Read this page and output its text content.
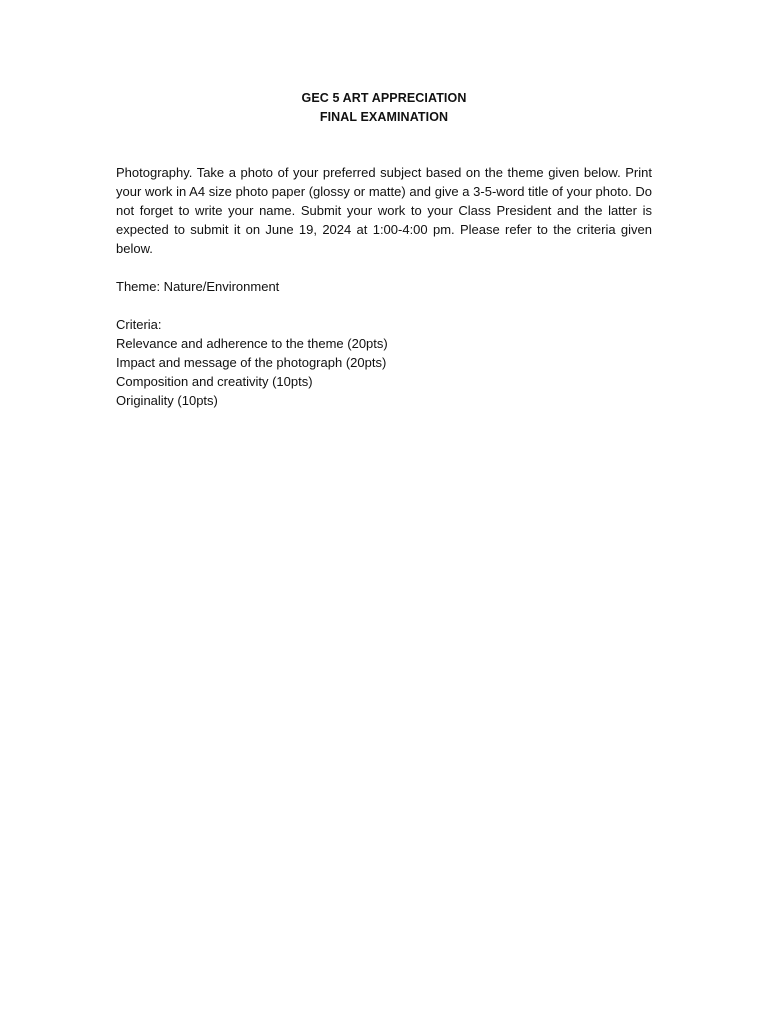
GEC 5 ART APPRECIATION
FINAL EXAMINATION
Photography. Take a photo of your preferred subject based on the theme given below. Print your work in A4 size photo paper (glossy or matte) and give a 3-5-word title of your photo. Do not forget to write your name. Submit your work to your Class President and the latter is expected to submit it on June 19, 2024 at 1:00-4:00 pm. Please refer to the criteria given below.
Theme: Nature/Environment
Criteria:
Relevance and adherence to the theme (20pts)
Impact and message of the photograph (20pts)
Composition and creativity (10pts)
Originality (10pts)
